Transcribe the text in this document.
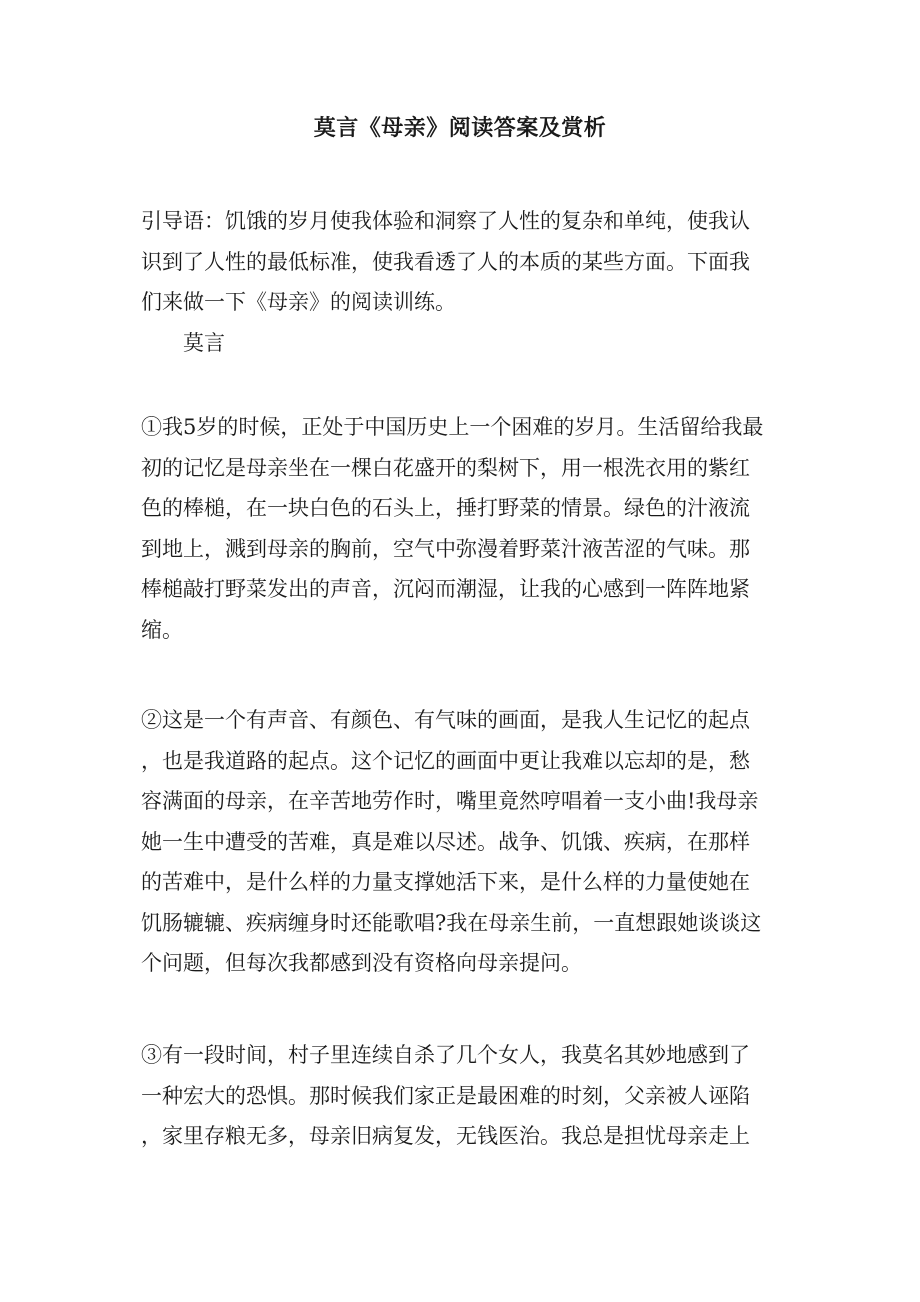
莫言《母亲》阅读答案及赏析
引导语：饥饿的岁月使我体验和洞察了人性的复杂和单纯，使我认
识到了人性的最低标准，使我看透了人的本质的某些方面。下面我
们来做一下《母亲》的阅读训练。
莫言
①我5岁的时候，正处于中国历史上一个困难的岁月。生活留给我最
初的记忆是母亲坐在一棵白花盛开的梨树下，用一根洗衣用的紫红
色的棒槌，在一块白色的石头上，捶打野菜的情景。绿色的汁液流
到地上，溅到母亲的胸前，空气中弥漫着野菜汁液苦涩的气味。那
棒槌敲打野菜发出的声音，沉闷而潮湿，让我的心感到一阵阵地紧
缩。
②这是一个有声音、有颜色、有气味的画面，是我人生记忆的起点
，也是我道路的起点。这个记忆的画面中更让我难以忘却的是，愁
容满面的母亲，在辛苦地劳作时，嘴里竟然哼唱着一支小曲!我母亲
她一生中遭受的苦难，真是难以尽述。战争、饥饿、疾病，在那样
的苦难中，是什么样的力量支撑她活下来，是什么样的力量使她在
饥肠辘辘、疾病缠身时还能歌唱?我在母亲生前，一直想跟她谈谈这
个问题，但每次我都感到没有资格向母亲提问。
③有一段时间，村子里连续自杀了几个女人，我莫名其妙地感到了
一种宏大的恐惧。那时候我们家正是最困难的时刻，父亲被人诬陷
，家里存粮无多，母亲旧病复发，无钱医治。我总是担忧母亲走上
